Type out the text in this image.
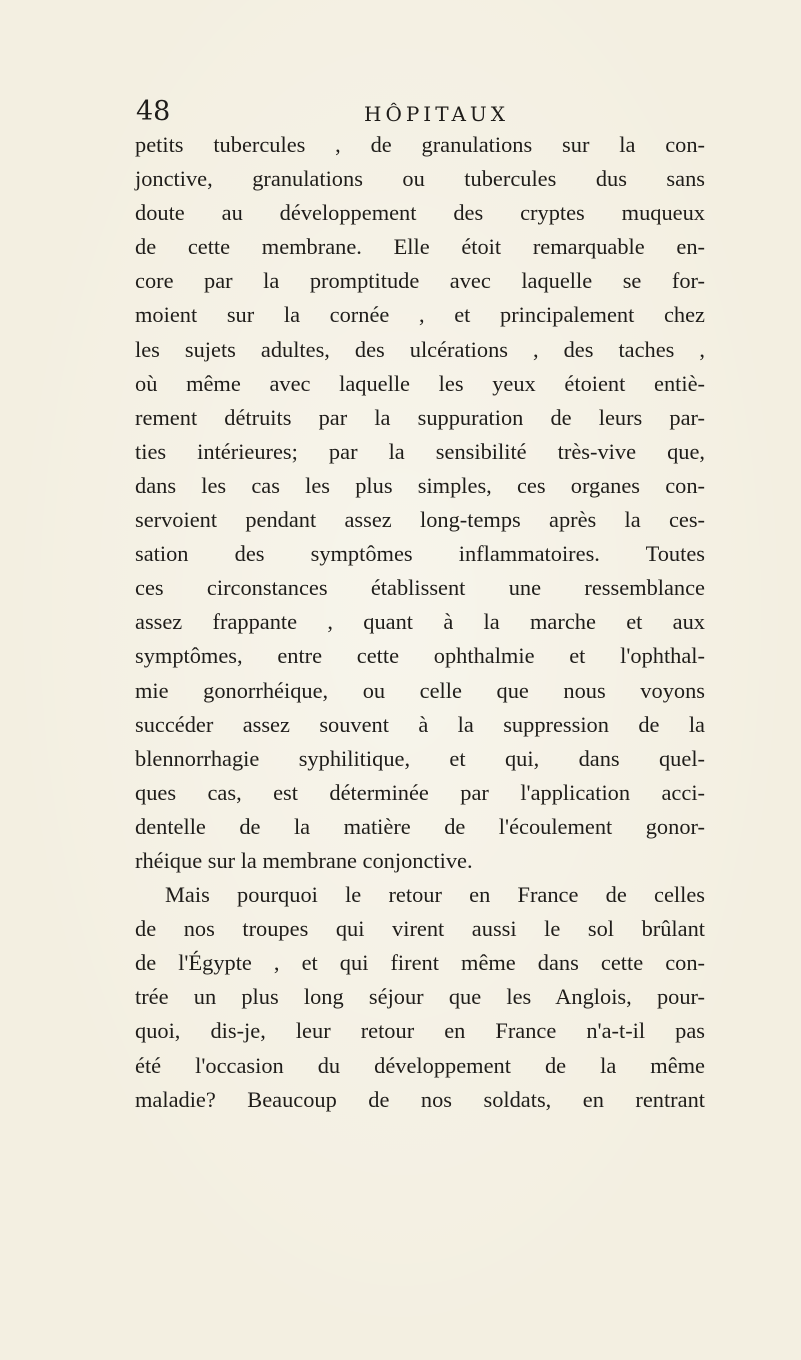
48	HÔPITAUX
petits tubercules , de granulations sur la con-
jonctive, granulations ou tubercules dus sans
doute au développement des cryptes muqueux
de cette membrane. Elle étoit remarquable en-
core par la promptitude avec laquelle se for-
moient sur la cornée , et principalement chez
les sujets adultes, des ulcérations , des taches ,
où même avec laquelle les yeux étoient entiè-
rement détruits par la suppuration de leurs par-
ties intérieures; par la sensibilité très-vive que,
dans les cas les plus simples, ces organes con-
servoient pendant assez long-temps après la ces-
sation des symptômes inflammatoires. Toutes
ces circonstances établissent une ressemblance
assez frappante , quant à la marche et aux
symptômes, entre cette ophthalmie et l'ophthal-
mie gonorrhéique, ou celle que nous voyons
succéder assez souvent à la suppression de la
blennorrhagie syphilitique, et qui, dans quel-
ques cas, est déterminée par l'application acci-
dentelle de la matière de l'écoulement gonor-
rhéique sur la membrane conjonctive.
Mais pourquoi le retour en France de celles
de nos troupes qui virent aussi le sol brûlant
de l'Égypte , et qui firent même dans cette con-
trée un plus long séjour que les Anglois, pour-
quoi, dis-je, leur retour en France n'a-t-il pas
été l'occasion du développement de la même
maladie? Beaucoup de nos soldats, en rentrant
